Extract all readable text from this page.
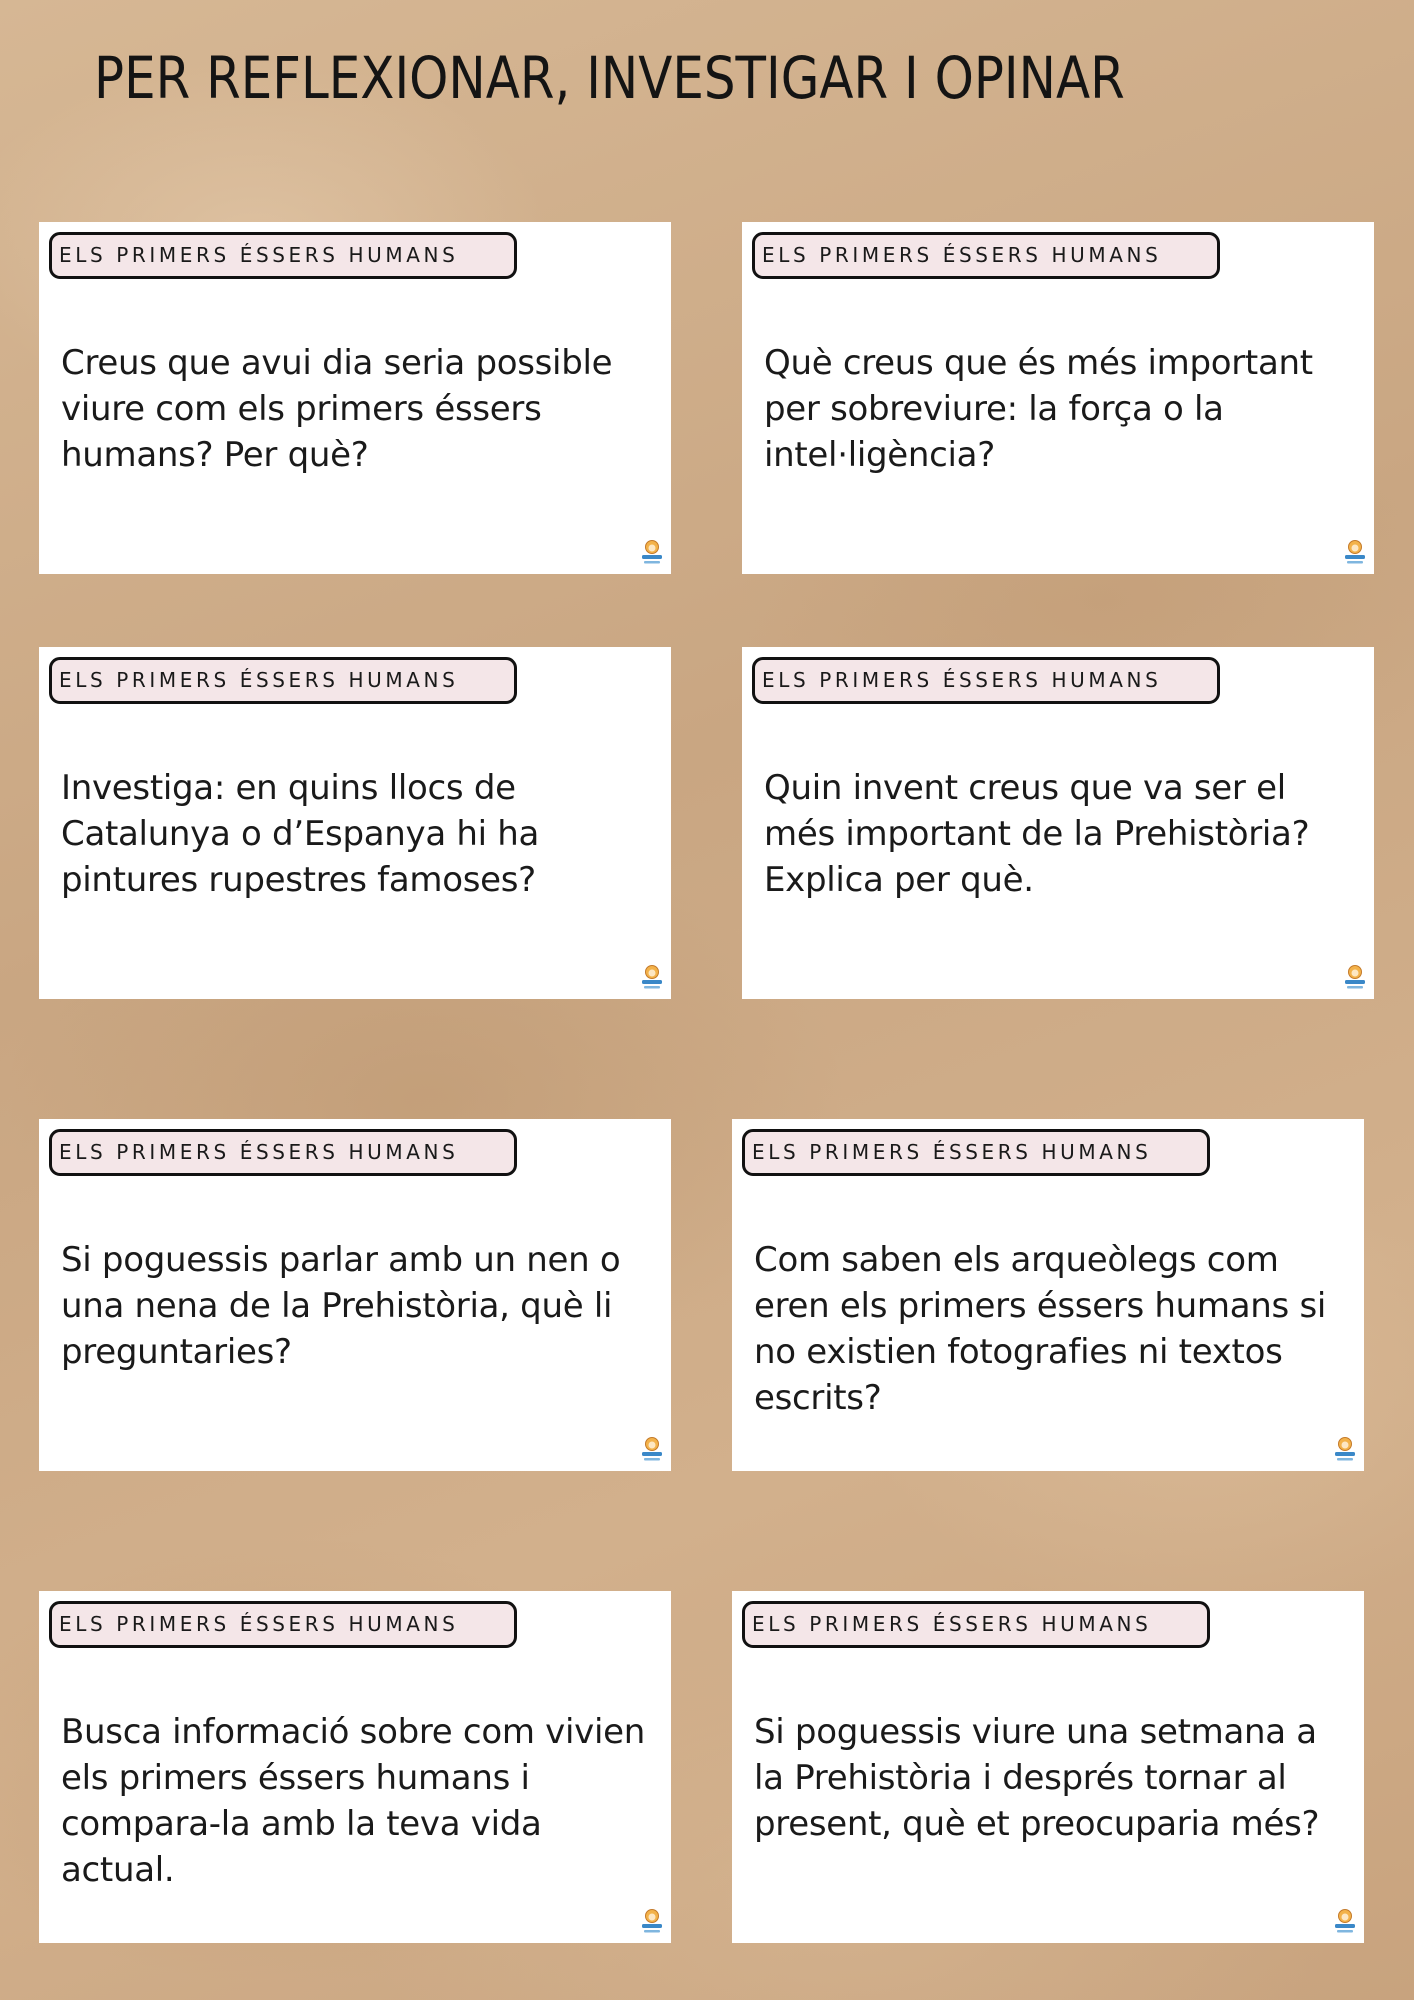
PER REFLEXIONAR, INVESTIGAR I OPINAR
ELS PRIMERS ÉSSERS HUMANS

Creus que avui dia seria possible viure com els primers éssers humans? Per què?

ELS PRIMERS ÉSSERS HUMANS

Què creus que és més important per sobreviure: la força o la intel·ligència?

ELS PRIMERS ÉSSERS HUMANS

Investiga: en quins llocs de Catalunya o d’Espanya hi ha pintures rupestres famoses?

ELS PRIMERS ÉSSERS HUMANS

Quin invent creus que va ser el més important de la Prehistòria? Explica per què.

ELS PRIMERS ÉSSERS HUMANS

Si poguessis parlar amb un nen o una nena de la Prehistòria, què li preguntaries?

ELS PRIMERS ÉSSERS HUMANS

Com saben els arqueòlegs com eren els primers éssers humans si no existien fotografies ni textos escrits?

ELS PRIMERS ÉSSERS HUMANS

Busca informació sobre com vivien els primers éssers humans i compara-la amb la teva vida actual.

ELS PRIMERS ÉSSERS HUMANS

Si poguessis viure una setmana a la Prehistòria i després tornar al present, què et preocuparia més?
